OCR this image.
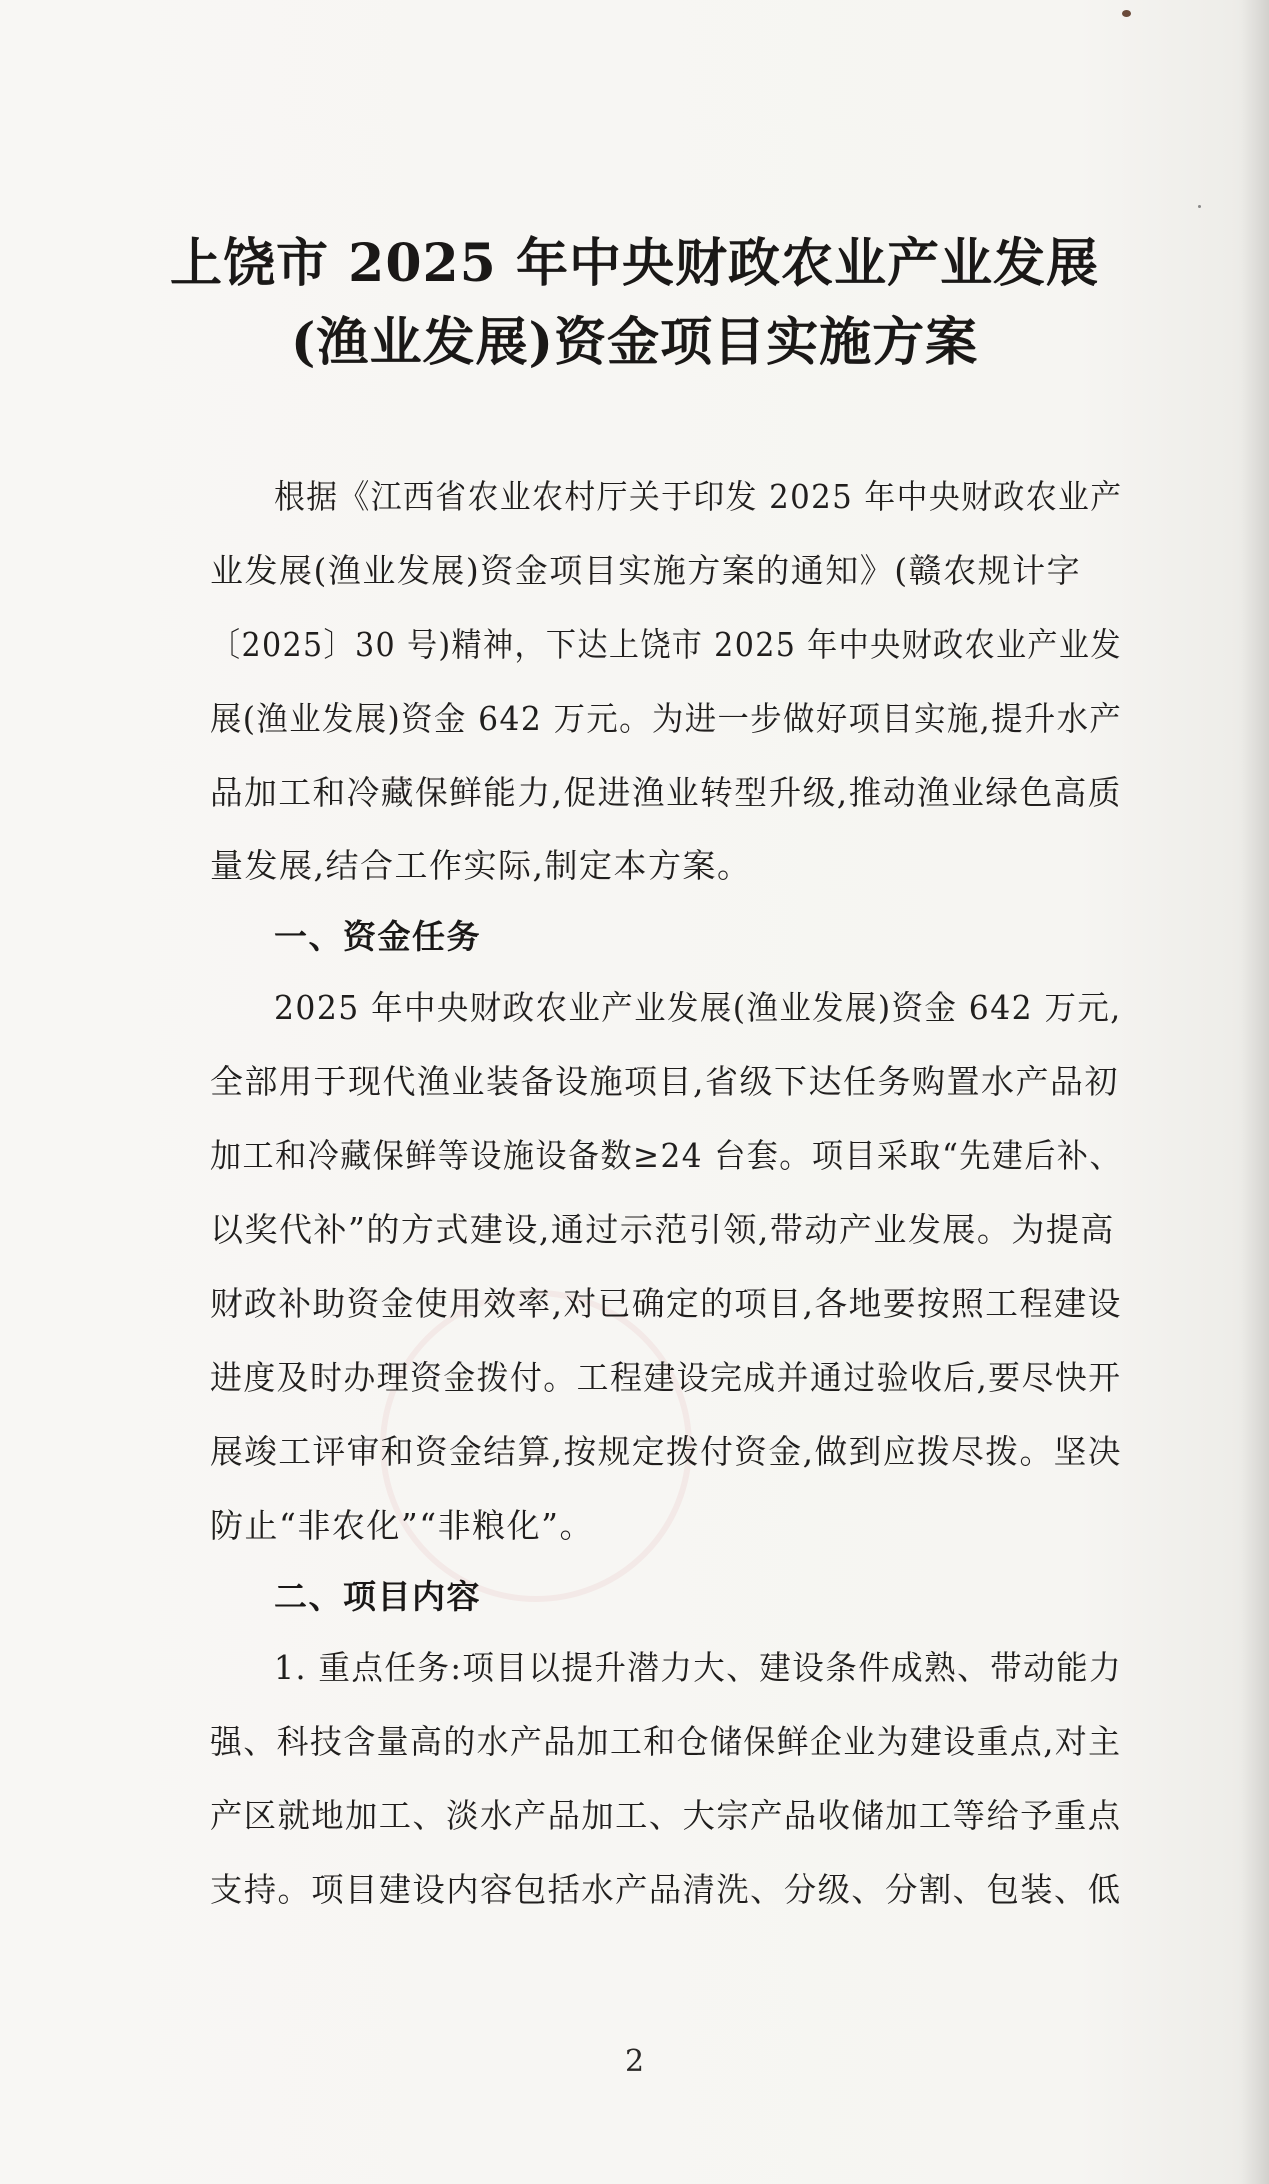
上饶市 2025 年中央财政农业产业发展
(渔业发展)资金项目实施方案
根据《江西省农业农村厅关于印发 2025 年中央财政农业产
业发展(渔业发展)资金项目实施方案的通知》(赣农规计字
〔2025〕30 号)精神，下达上饶市 2025 年中央财政农业产业发
展(渔业发展)资金 642 万元。为进一步做好项目实施,提升水产
品加工和冷藏保鲜能力,促进渔业转型升级,推动渔业绿色高质
量发展,结合工作实际,制定本方案。
一、资金任务
2025 年中央财政农业产业发展(渔业发展)资金 642 万元,
全部用于现代渔业装备设施项目,省级下达任务购置水产品初
加工和冷藏保鲜等设施设备数≥24 台套。项目采取“先建后补、
以奖代补”的方式建设,通过示范引领,带动产业发展。为提高
财政补助资金使用效率,对已确定的项目,各地要按照工程建设
进度及时办理资金拨付。工程建设完成并通过验收后,要尽快开
展竣工评审和资金结算,按规定拨付资金,做到应拨尽拨。坚决
防止“非农化”“非粮化”。
二、项目内容
1. 重点任务:项目以提升潜力大、建设条件成熟、带动能力
强、科技含量高的水产品加工和仓储保鲜企业为建设重点,对主
产区就地加工、淡水产品加工、大宗产品收储加工等给予重点
支持。项目建设内容包括水产品清洗、分级、分割、包装、低
2
